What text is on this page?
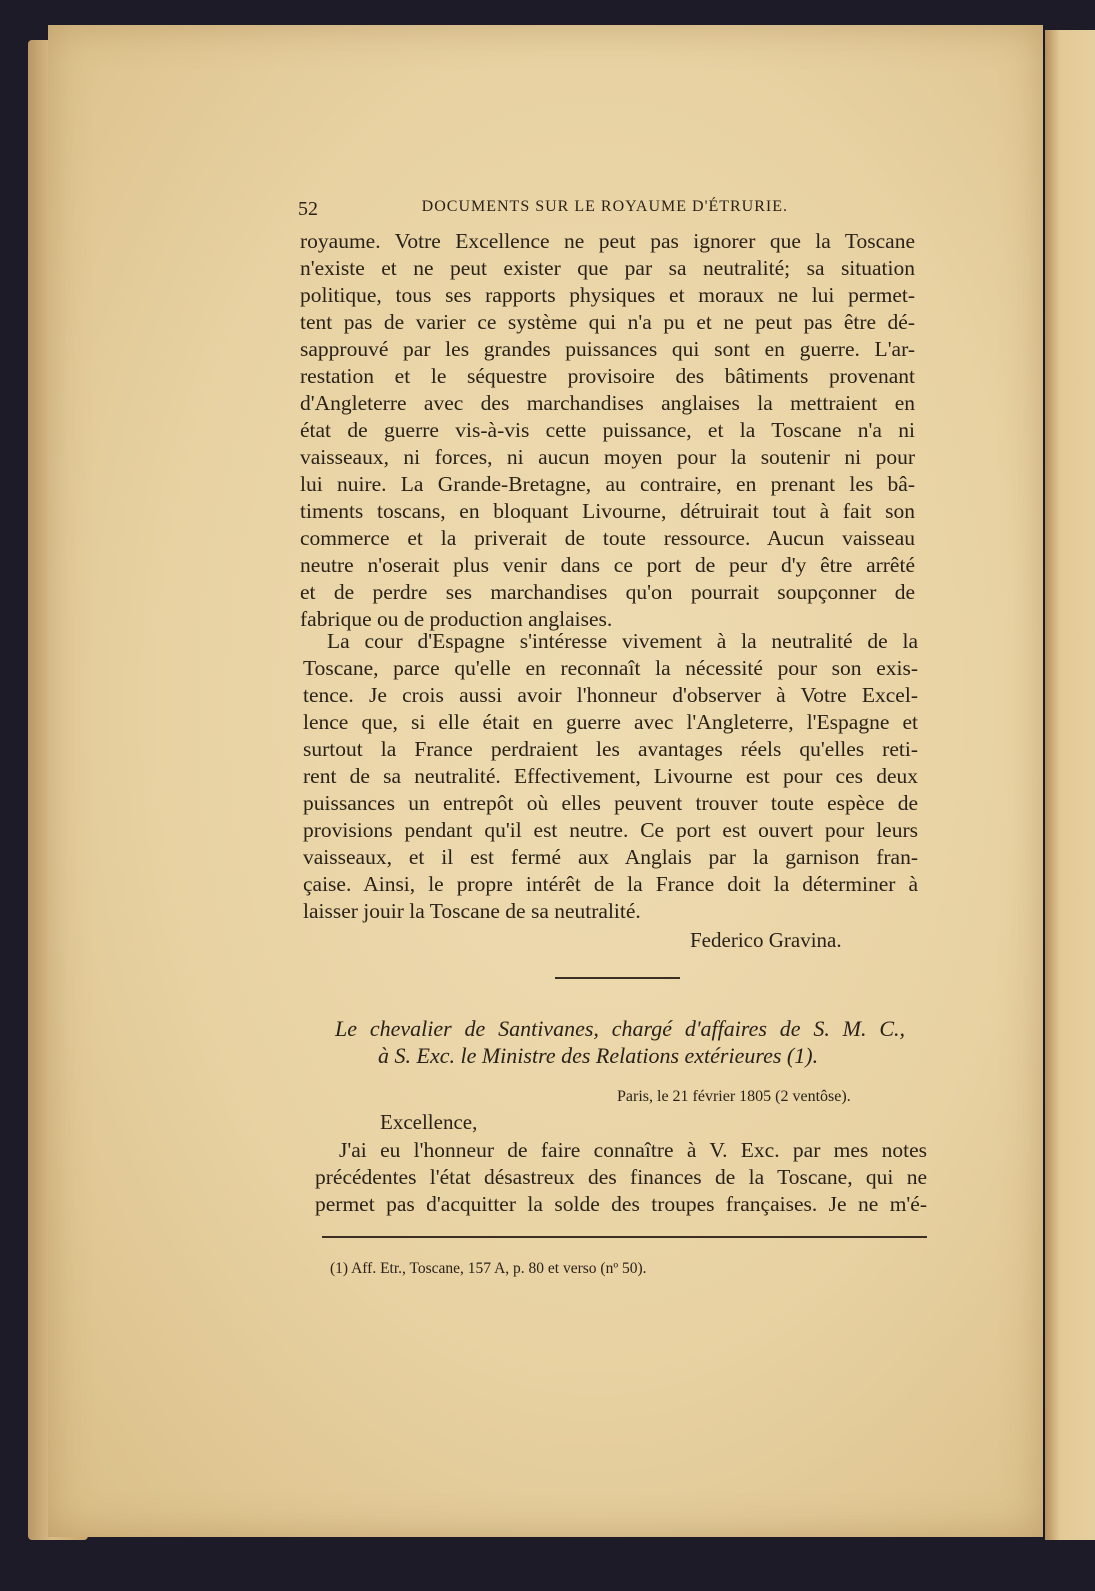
52	DOCUMENTS SUR LE ROYAUME D'ÉTRURIE.
royaume. Votre Excellence ne peut pas ignorer que la Toscane
n'existe et ne peut exister que par sa neutralité; sa situation
politique, tous ses rapports physiques et moraux ne lui permet-
tent pas de varier ce système qui n'a pu et ne peut pas être dé-
sapprouvé par les grandes puissances qui sont en guerre. L'ar-
restation et le séquestre provisoire des bâtiments provenant
d'Angleterre avec des marchandises anglaises la mettraient en
état de guerre vis-à-vis cette puissance, et la Toscane n'a ni
vaisseaux, ni forces, ni aucun moyen pour la soutenir ni pour
lui nuire. La Grande-Bretagne, au contraire, en prenant les bâ-
timents toscans, en bloquant Livourne, détruirait tout à fait son
commerce et la priverait de toute ressource. Aucun vaisseau
neutre n'oserait plus venir dans ce port de peur d'y être arrêté
et de perdre ses marchandises qu'on pourrait soupçonner de
fabrique ou de production anglaises.
La cour d'Espagne s'intéresse vivement à la neutralité de la
Toscane, parce qu'elle en reconnaît la nécessité pour son exis-
tence. Je crois aussi avoir l'honneur d'observer à Votre Excel-
lence que, si elle était en guerre avec l'Angleterre, l'Espagne et
surtout la France perdraient les avantages réels qu'elles reti-
rent de sa neutralité. Effectivement, Livourne est pour ces deux
puissances un entrepôt où elles peuvent trouver toute espèce de
provisions pendant qu'il est neutre. Ce port est ouvert pour leurs
vaisseaux, et il est fermé aux Anglais par la garnison fran-
çaise. Ainsi, le propre intérêt de la France doit la déterminer à
laisser jouir la Toscane de sa neutralité.
Federico Gravina.
Le chevalier de Santivanes, chargé d'affaires de S. M. C.,
à S. Exc. le Ministre des Relations extérieures (1).
Paris, le 21 février 1805 (2 ventôse).
Excellence,
J'ai eu l'honneur de faire connaître à V. Exc. par mes notes
précédentes l'état désastreux des finances de la Toscane, qui ne
permet pas d'acquitter la solde des troupes françaises. Je ne m'é-
(1) Aff. Etr., Toscane, 157 A, p. 80 et verso (nº 50).
